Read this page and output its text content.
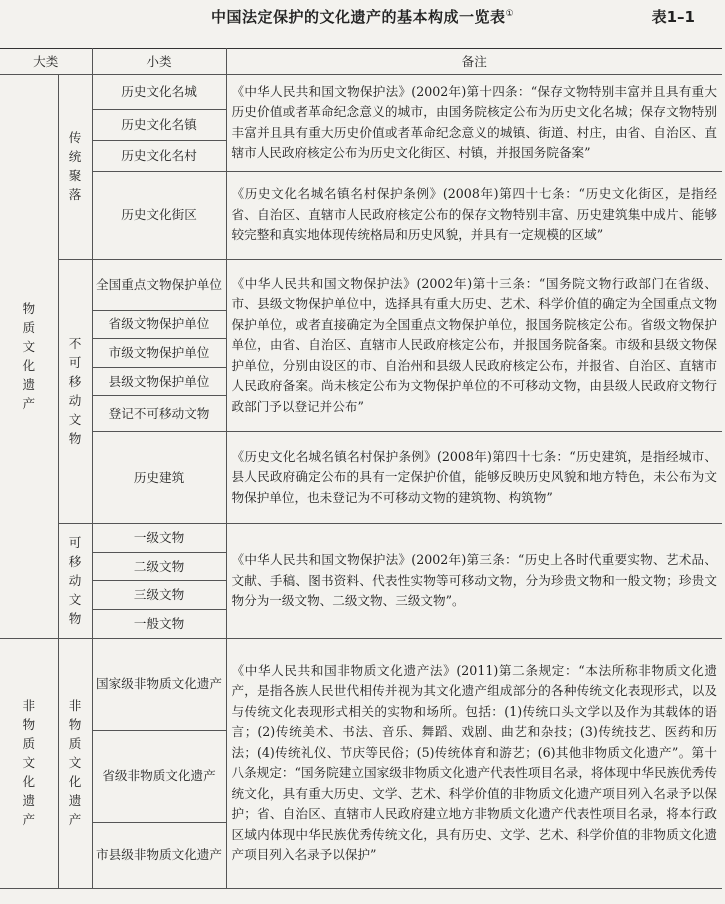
中国法定保护的文化遗产的基本构成一览表①	表1–1
大类		小类	备注
物质文化遗产	传统聚落	历史文化名城	《中华人民共和国文物保护法》(2002年)第十四条：“保存文物特别丰富并且具有重大历史价值或者革命纪念意义的城市，由国务院核定公布为历史文化名城；保存文物特别丰富并且具有重大历史价值或者革命纪念意义的城镇、街道、村庄，由省、自治区、直辖市人民政府核定公布为历史文化街区、村镇，并报国务院备案”
		历史文化名镇	
		历史文化名村	
		历史文化街区	《历史文化名城名镇名村保护条例》(2008年)第四十七条：“历史文化街区，是指经省、自治区、直辖市人民政府核定公布的保存文物特别丰富、历史建筑集中成片、能够较完整和真实地体现传统格局和历史风貌，并具有一定规模的区域”
	不可移动文物	全国重点文物保护单位	《中华人民共和国文物保护法》(2002年)第十三条：“国务院文物行政部门在省级、市、县级文物保护单位中，选择具有重大历史、艺术、科学价值的确定为全国重点文物保护单位，或者直接确定为全国重点文物保护单位，报国务院核定公布。省级文物保护单位，由省、自治区、直辖市人民政府核定公布，并报国务院备案。市级和县级文物保护单位，分别由设区的市、自治州和县级人民政府核定公布，并报省、自治区、直辖市人民政府备案。尚未核定公布为文物保护单位的不可移动文物，由县级人民政府文物行政部门予以登记并公布”
		省级文物保护单位	
		市级文物保护单位	
		县级文物保护单位	
		登记不可移动文物	
		历史建筑	《历史文化名城名镇名村保护条例》(2008年)第四十七条：“历史建筑，是指经城市、县人民政府确定公布的具有一定保护价值，能够反映历史风貌和地方特色，未公布为文物保护单位，也未登记为不可移动文物的建筑物、构筑物”
	可移动文物	一级文物	《中华人民共和国文物保护法》(2002年)第三条：“历史上各时代重要实物、艺术品、文献、手稿、图书资料、代表性实物等可移动文物，分为珍贵文物和一般文物；珍贵文物分为一级文物、二级文物、三级文物”。
		二级文物	
		三级文物	
		一般文物	
非物质文化遗产	非物质文化遗产	国家级非物质文化遗产	《中华人民共和国非物质文化遗产法》(2011)第二条规定：“本法所称非物质文化遗产，是指各族人民世代相传并视为其文化遗产组成部分的各种传统文化表现形式，以及与传统文化表现形式相关的实物和场所。包括：(1)传统口头文学以及作为其载体的语言；(2)传统美术、书法、音乐、舞蹈、戏剧、曲艺和杂技；(3)传统技艺、医药和历法；(4)传统礼仪、节庆等民俗；(5)传统体育和游艺；(6)其他非物质文化遗产”。第十八条规定：“国务院建立国家级非物质文化遗产代表性项目名录，将体现中华民族优秀传统文化，具有重大历史、文学、艺术、科学价值的非物质文化遗产项目列入名录予以保护；省、自治区、直辖市人民政府建立地方非物质文化遗产代表性项目名录，将本行政区域内体现中华民族优秀传统文化，具有历史、文学、艺术、科学价值的非物质文化遗产项目列入名录予以保护”
		省级非物质文化遗产	
		市县级非物质文化遗产	
